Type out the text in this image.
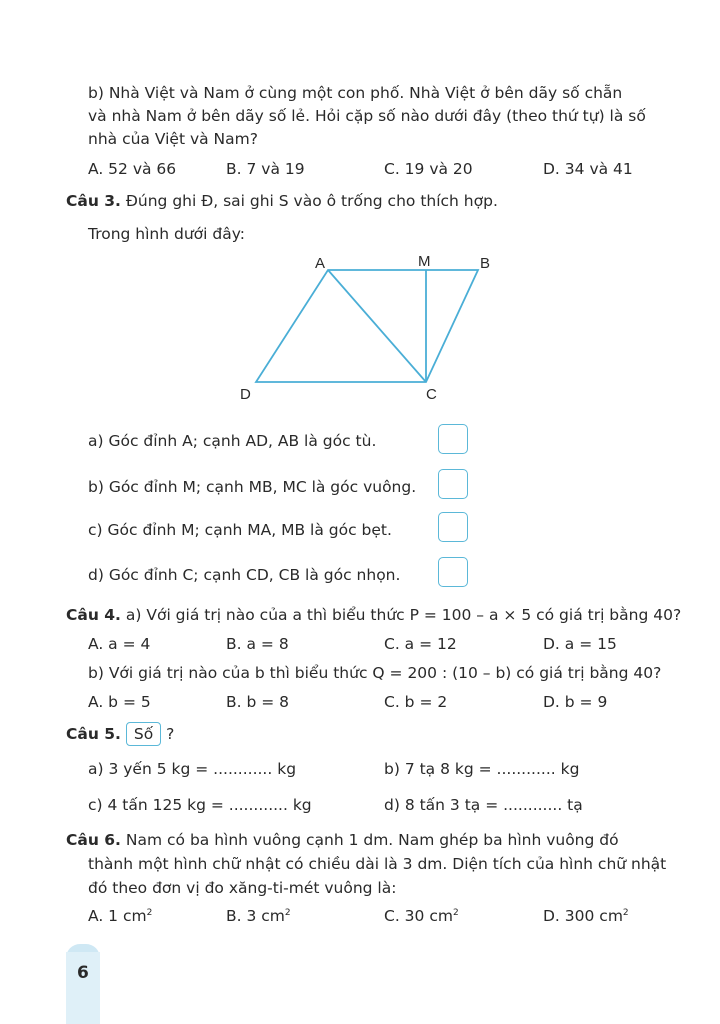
b) Nhà Việt và Nam ở cùng một con phố. Nhà Việt ở bên dãy số chẵn
và nhà Nam ở bên dãy số lẻ. Hỏi cặp số nào dưới đây (theo thứ tự) là số
nhà của Việt và Nam?
A. 52 và 66	B. 7 và 19	C. 19 và 20	D. 34 và 41
Câu 3. Đúng ghi Đ, sai ghi S vào ô trống cho thích hợp.
Trong hình dưới đây:
A	M	B
D	C
a) Góc đỉnh A; cạnh AD, AB là góc tù.
b) Góc đỉnh M; cạnh MB, MC là góc vuông.
c) Góc đỉnh M; cạnh MA, MB là góc bẹt.
d) Góc đỉnh C; cạnh CD, CB là góc nhọn.
Câu 4. a) Với giá trị nào của a thì biểu thức P = 100 – a × 5 có giá trị bằng 40?
A. a = 4	B. a = 8	C. a = 12	D. a = 15
b) Với giá trị nào của b thì biểu thức Q = 200 : (10 – b) có giá trị bằng 40?
A. b = 5	B. b = 8	C. b = 2	D. b = 9
Câu 5. Số ?
a) 3 yến 5 kg = ............ kg	b) 7 tạ 8 kg = ............ kg
c) 4 tấn 125 kg = ............ kg	d) 8 tấn 3 tạ = ............ tạ
Câu 6. Nam có ba hình vuông cạnh 1 dm. Nam ghép ba hình vuông đó
thành một hình chữ nhật có chiều dài là 3 dm. Diện tích của hình chữ nhật
đó theo đơn vị đo xăng-ti-mét vuông là:
A. 1 $cm^2$	B. 3 $cm^2$	C. 30 $cm^2$	D. 300 $cm^2$
6
